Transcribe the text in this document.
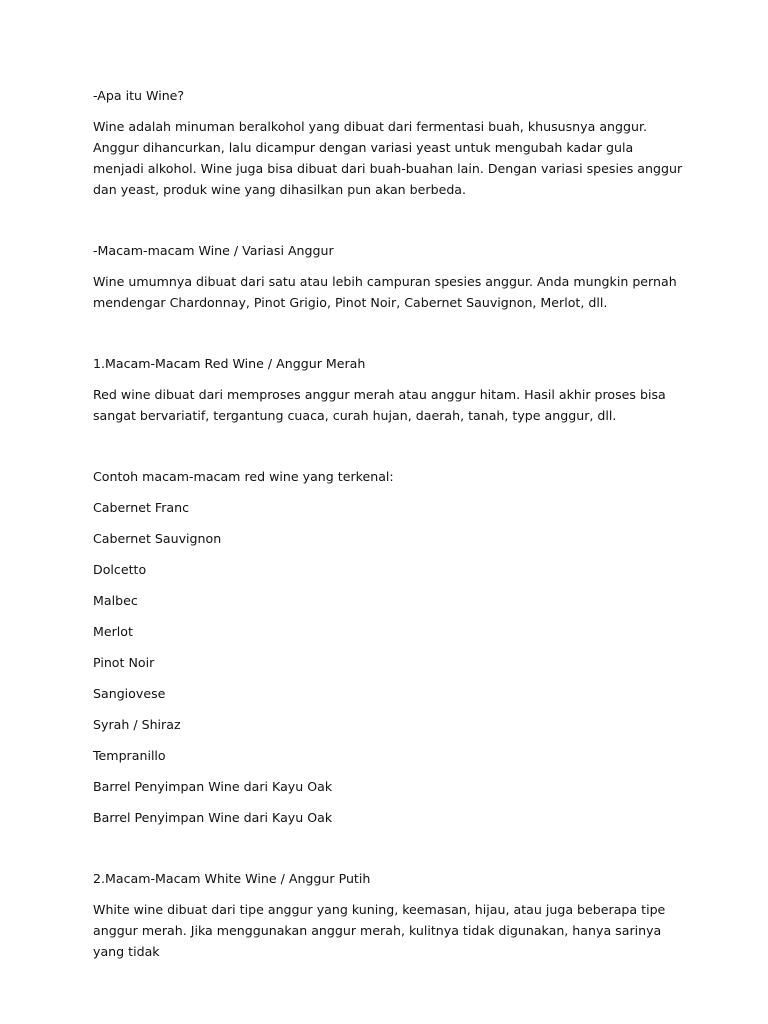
-Apa itu Wine?

Wine adalah minuman beralkohol yang dibuat dari fermentasi buah, khususnya anggur. Anggur dihancurkan, lalu dicampur dengan variasi yeast untuk mengubah kadar gula menjadi alkohol. Wine juga bisa dibuat dari buah-buahan lain. Dengan variasi spesies anggur dan yeast, produk wine yang dihasilkan pun akan berbeda.

-Macam-macam Wine / Variasi Anggur

Wine umumnya dibuat dari satu atau lebih campuran spesies anggur. Anda mungkin pernah mendengar Chardonnay, Pinot Grigio, Pinot Noir, Cabernet Sauvignon, Merlot, dll.

1.Macam-Macam Red Wine / Anggur Merah

Red wine dibuat dari memproses anggur merah atau anggur hitam. Hasil akhir proses bisa sangat bervariatif, tergantung cuaca, curah hujan, daerah, tanah, type anggur, dll.

Contoh macam-macam red wine yang terkenal:

Cabernet Franc
Cabernet Sauvignon
Dolcetto
Malbec
Merlot
Pinot Noir
Sangiovese
Syrah / Shiraz
Tempranillo
Barrel Penyimpan Wine dari Kayu Oak
Barrel Penyimpan Wine dari Kayu Oak

2.Macam-Macam White Wine / Anggur Putih

White wine dibuat dari tipe anggur yang kuning, keemasan, hijau, atau juga beberapa tipe anggur merah. Jika menggunakan anggur merah, kulitnya tidak digunakan, hanya sarinya yang tidak
